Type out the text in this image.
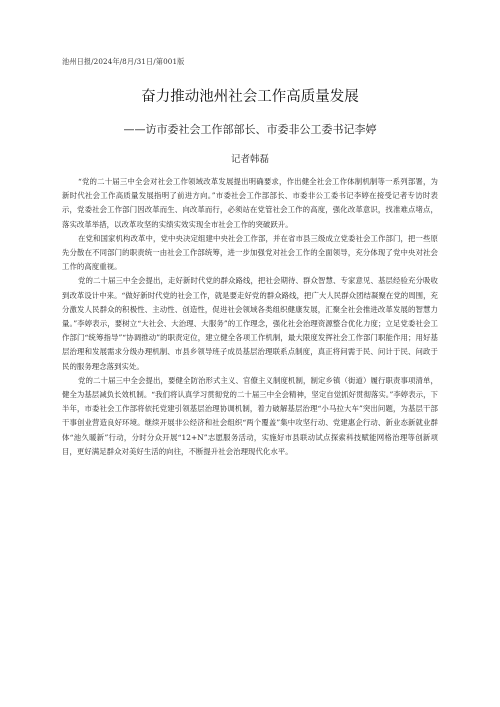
池州日报/2024年/8月/31日/第001版
奋力推动池州社会工作高质量发展
——访市委社会工作部部长、市委非公工委书记李婷
记者韩磊

“党的二十届三中全会对社会工作领域改革发展提出明确要求，作出健全社会工作体制机制等一系列部署，为新时代社会工作高质量发展指明了前进方向。”市委社会工作部部长、市委非公工委书记李婷在接受记者专访时表示，党委社会工作部门因改革而生、向改革而行，必须站在党管社会工作的高度，强化改革意识，找准难点堵点，落实改革举措，以改革攻坚的实绩实效实现全市社会工作的突破跃升。

在党和国家机构改革中，党中央决定组建中央社会工作部，并在省市县三级成立党委社会工作部门，把一些原先分散在不同部门的职责统一由社会工作部统筹，进一步加强党对社会工作的全面领导，充分体现了党中央对社会工作的高度重视。

党的二十届三中全会提出，走好新时代党的群众路线，把社会期待、群众智慧、专家意见、基层经验充分吸收到改革设计中来。“做好新时代党的社会工作，就是要走好党的群众路线，把广大人民群众团结凝聚在党的周围，充分激发人民群众的积极性、主动性、创造性，促进社会领域各类组织健康发展，汇聚全社会推进改革发展的智慧力量。”李婷表示，要树立“大社会、大治理、大服务”的工作理念，强化社会治理资源整合优化力度；立足党委社会工作部门“统筹指导”“协调推动”的职责定位，建立健全各项工作机制，最大限度发挥社会工作部门职能作用；用好基层治理和发展需求分级办理机制、市县乡领导班子成员基层治理联系点制度，真正将问需于民、问计于民、问政于民的服务理念落到实处。

党的二十届三中全会提出，要健全防治形式主义、官僚主义制度机制，制定乡镇（街道）履行职责事项清单，健全为基层减负长效机制。“我们将认真学习贯彻党的二十届三中全会精神，坚定自觉抓好贯彻落实。”李婷表示，下半年，市委社会工作部将依托党建引领基层治理协调机制，着力破解基层治理“小马拉大车”突出问题，为基层干部干事创业营造良好环境。继续开展非公经济和社会组织“两个覆盖”集中攻坚行动、党建惠企行动、新业态新就业群体“池久暖新”行动，分时分众开展“12+N”志愿服务活动，实施好市县联动试点探索科技赋能网格治理等创新项目，更好满足群众对美好生活的向往，不断提升社会治理现代化水平。
